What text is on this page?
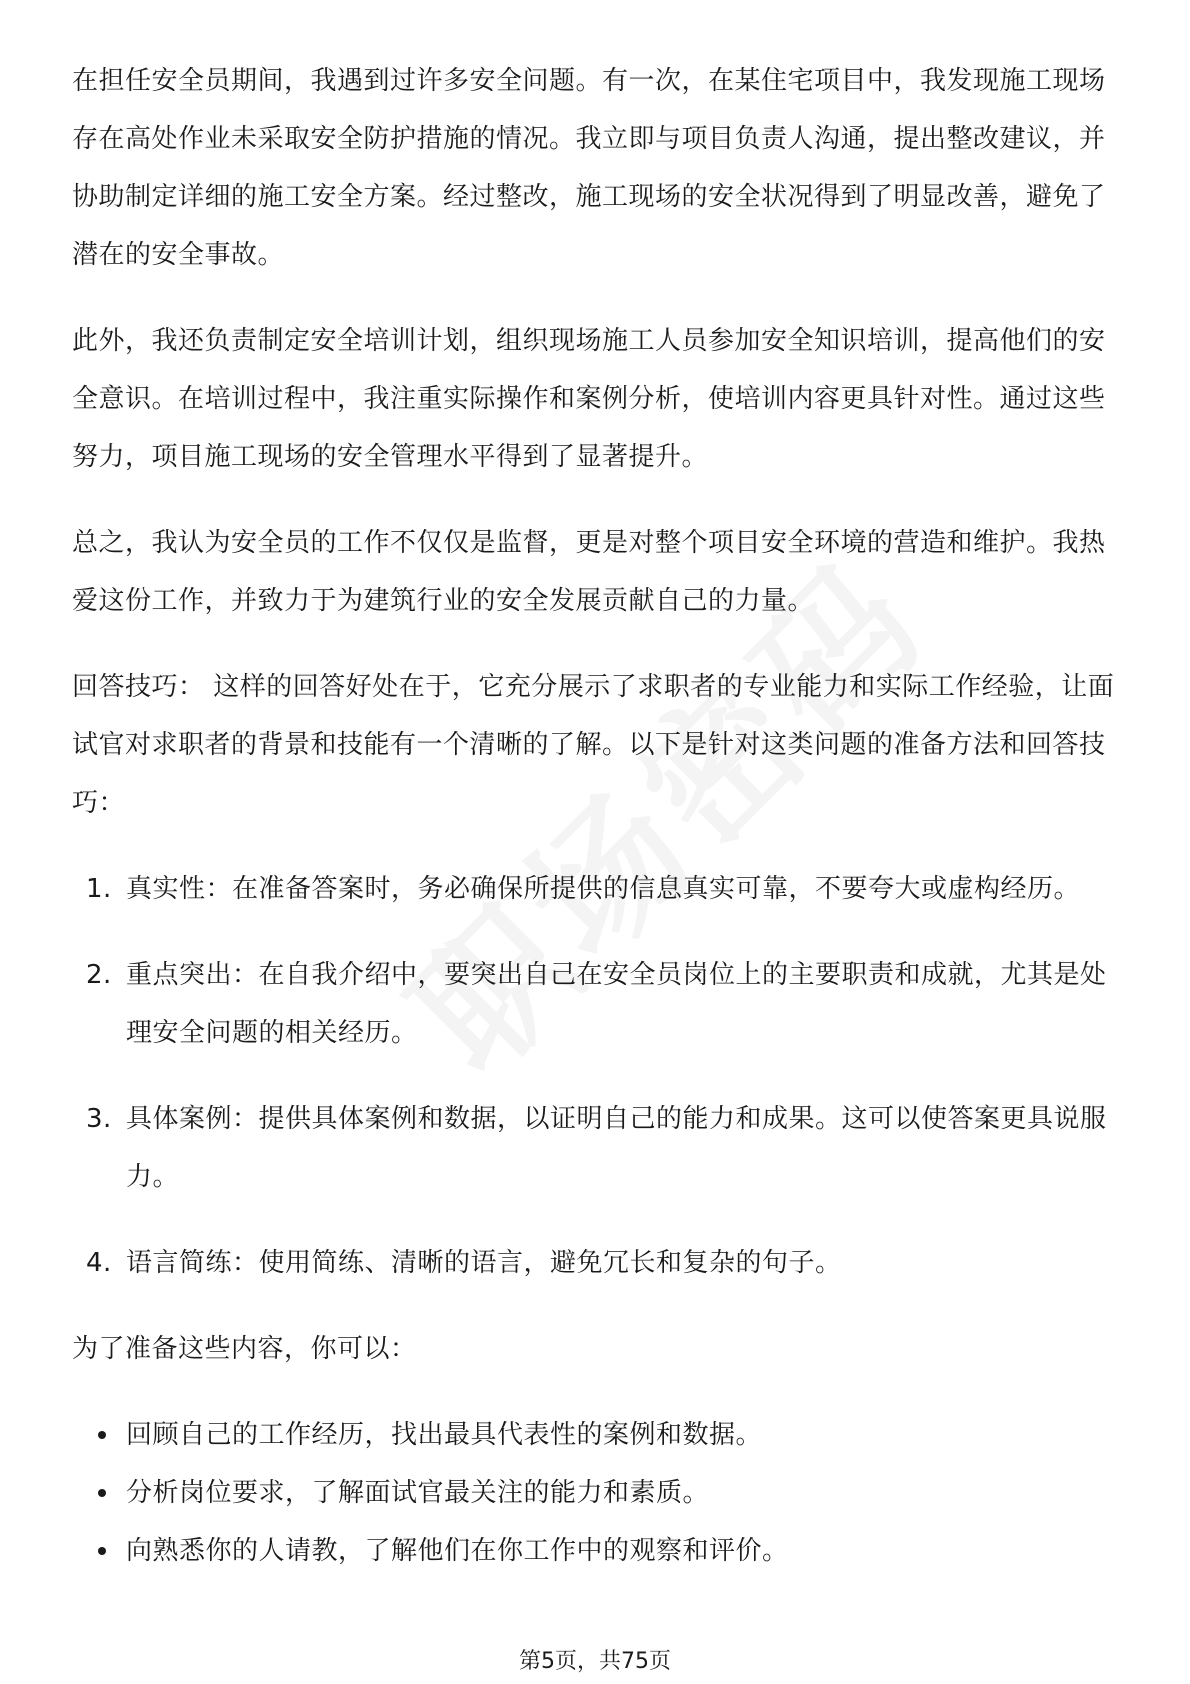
在担任安全员期间，我遇到过许多安全问题。有一次，在某住宅项目中，我发现施工现场存在高处作业未采取安全防护措施的情况。我立即与项目负责人沟通，提出整改建议，并协助制定详细的施工安全方案。经过整改，施工现场的安全状况得到了明显改善，避免了潜在的安全事故。

此外，我还负责制定安全培训计划，组织现场施工人员参加安全知识培训，提高他们的安全意识。在培训过程中，我注重实际操作和案例分析，使培训内容更具针对性。通过这些努力，项目施工现场的安全管理水平得到了显著提升。

总之，我认为安全员的工作不仅仅是监督，更是对整个项目安全环境的营造和维护。我热爱这份工作，并致力于为建筑行业的安全发展贡献自己的力量。

回答技巧： 这样的回答好处在于，它充分展示了求职者的专业能力和实际工作经验，让面试官对求职者的背景和技能有一个清晰的了解。以下是针对这类问题的准备方法和回答技巧：

1. 真实性：在准备答案时，务必确保所提供的信息真实可靠，不要夸大或虚构经历。
2. 重点突出：在自我介绍中，要突出自己在安全员岗位上的主要职责和成就，尤其是处理安全问题的相关经历。
3. 具体案例：提供具体案例和数据，以证明自己的能力和成果。这可以使答案更具说服力。
4. 语言简练：使用简练、清晰的语言，避免冗长和复杂的句子。

为了准备这些内容，你可以：

回顾自己的工作经历，找出最具代表性的案例和数据。
分析岗位要求，了解面试官最关注的能力和素质。
向熟悉你的人请教，了解他们在你工作中的观察和评价。
第5页，共75页
